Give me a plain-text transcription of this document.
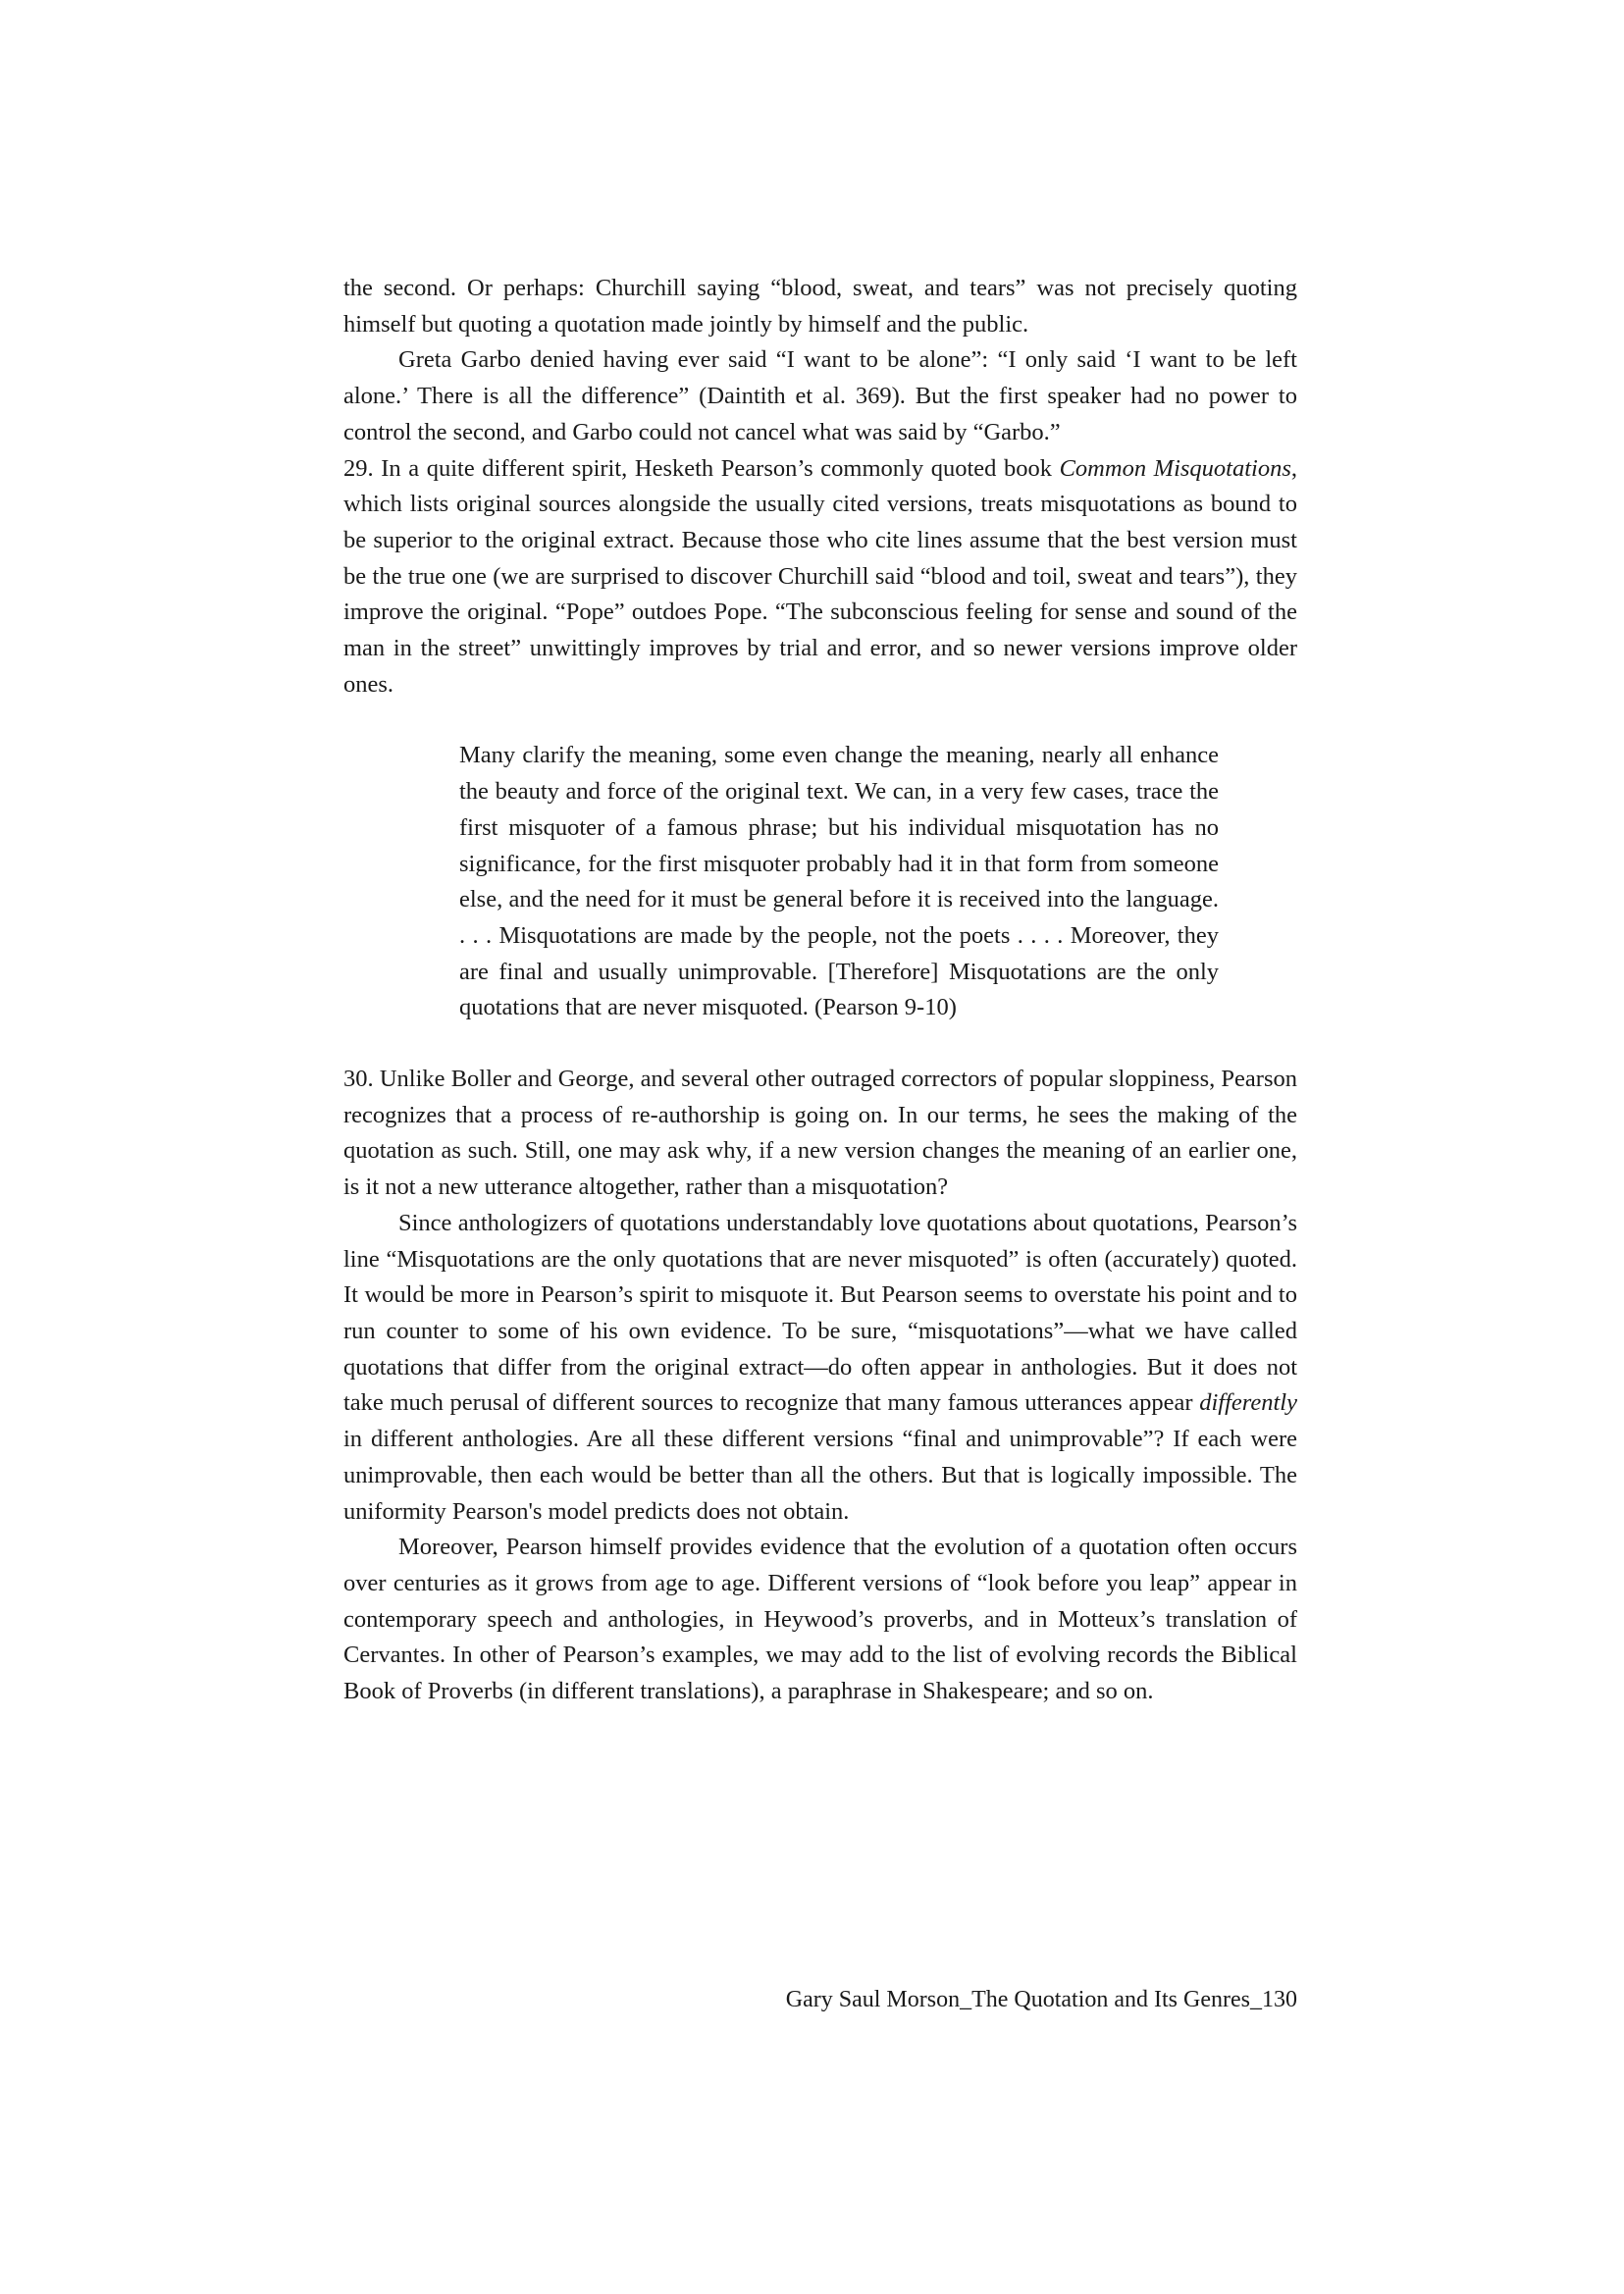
the second. Or perhaps: Churchill saying “blood, sweat, and tears” was not precisely quoting himself but quoting a quotation made jointly by himself and the public.

Greta Garbo denied having ever said “I want to be alone”: “I only said ‘I want to be left alone.’ There is all the difference” (Daintith et al. 369). But the first speaker had no power to control the second, and Garbo could not cancel what was said by “Garbo.”

29. In a quite different spirit, Hesketh Pearson’s commonly quoted book Common Misquotations, which lists original sources alongside the usually cited versions, treats misquotations as bound to be superior to the original extract. Because those who cite lines assume that the best version must be the true one (we are surprised to discover Churchill said “blood and toil, sweat and tears”), they improve the original. “Pope” outdoes Pope. “The subconscious feeling for sense and sound of the man in the street” unwittingly improves by trial and error, and so newer versions improve older ones.

Many clarify the meaning, some even change the meaning, nearly all enhance the beauty and force of the original text. We can, in a very few cases, trace the first misquoter of a famous phrase; but his individual misquotation has no significance, for the first misquoter probably had it in that form from someone else, and the need for it must be general before it is received into the language. . . . Misquotations are made by the people, not the poets . . . . Moreover, they are final and usually unimprovable. [Therefore] Misquotations are the only quotations that are never misquoted. (Pearson 9-10)

30. Unlike Boller and George, and several other outraged correctors of popular sloppiness, Pearson recognizes that a process of re-authorship is going on. In our terms, he sees the making of the quotation as such. Still, one may ask why, if a new version changes the meaning of an earlier one, is it not a new utterance altogether, rather than a misquotation?

Since anthologizers of quotations understandably love quotations about quotations, Pearson’s line “Misquotations are the only quotations that are never misquoted” is often (accurately) quoted. It would be more in Pearson’s spirit to misquote it. But Pearson seems to overstate his point and to run counter to some of his own evidence. To be sure, “misquotations”—what we have called quotations that differ from the original extract—do often appear in anthologies. But it does not take much perusal of different sources to recognize that many famous utterances appear differently in different anthologies. Are all these different versions “final and unimprovable”? If each were unimprovable, then each would be better than all the others. But that is logically impossible. The uniformity Pearson's model predicts does not obtain.

Moreover, Pearson himself provides evidence that the evolution of a quotation often occurs over centuries as it grows from age to age. Different versions of “look before you leap” appear in contemporary speech and anthologies, in Heywood’s proverbs, and in Motteux’s translation of Cervantes. In other of Pearson’s examples, we may add to the list of evolving records the Biblical Book of Proverbs (in different translations), a paraphrase in Shakespeare; and so on.

Gary Saul Morson_The Quotation and Its Genres_130
